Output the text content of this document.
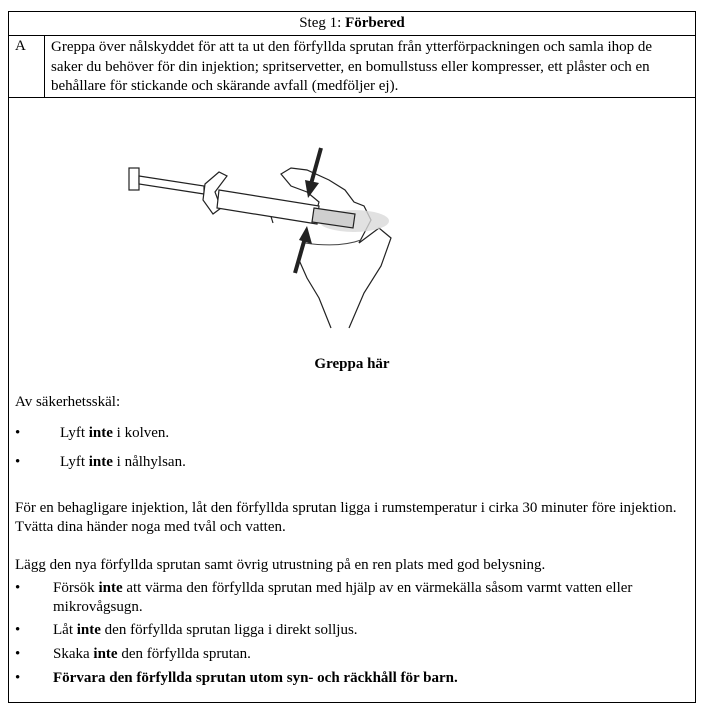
Steg 1: Förbered
A	Greppa över nålskyddet för att ta ut den förfyllda sprutan från ytterförpackningen och samla ihop de saker du behöver för din injektion; spritservetter, en bomullstuss eller kompresser, ett plåster och en behållare för stickande och skärande avfall (medföljer ej).
Greppa här
Av säkerhetsskäl:
•	Lyft inte i kolven.
•	Lyft inte i nålhylsan.
För en behagligare injektion, låt den förfyllda sprutan ligga i rumstemperatur i cirka 30 minuter före injektion. Tvätta dina händer noga med tvål och vatten.
Lägg den nya förfyllda sprutan samt övrig utrustning på en ren plats med god belysning.
•	Försök inte att värma den förfyllda sprutan med hjälp av en värmekälla såsom varmt vatten eller mikrovågsugn.
•	Låt inte den förfyllda sprutan ligga i direkt solljus.
•	Skaka inte den förfyllda sprutan.
•	Förvara den förfyllda sprutan utom syn- och räckhåll för barn.
